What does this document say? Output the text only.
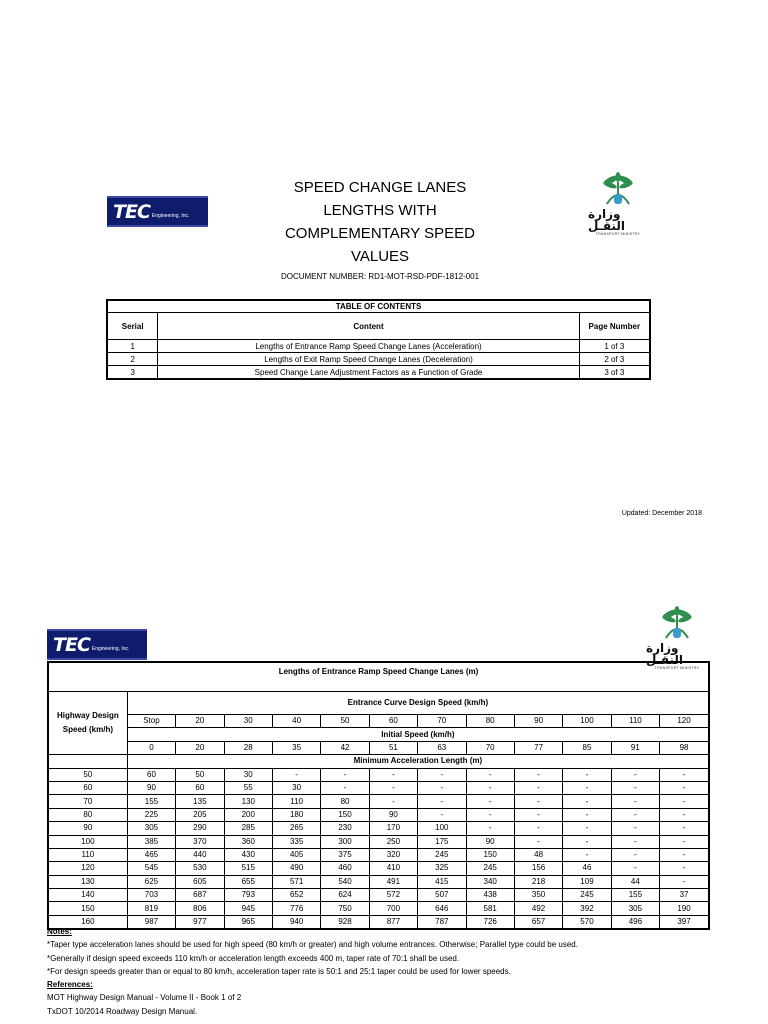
TEC Engineering, Inc.	وزارة النقـل
TRANSPORT MINISTRY
SPEED CHANGE LANES
LENGTHS WITH
COMPLEMENTARY SPEED
VALUES
DOCUMENT NUMBER: RD1-MOT-RSD-PDF-1812-001
TABLE OF CONTENTS		
Serial	Content	Page Number
1	Lengths of Entrance Ramp Speed Change Lanes (Acceleration)	1 of 3
2	Lengths of Exit Ramp Speed Change Lanes (Deceleration)	2 of 3
3	Speed Change Lane Adjustment Factors as a Function of Grade	3 of 3
Updated: December 2018
TEC Engineering, Inc.	وزارة النقـل
TRANSPORT MINISTRY
Lengths of Entrance Ramp Speed Change Lanes (m)												
Highway Design Speed (km/h)	Entrance Curve Design Speed (km/h)											
	Stop	20	30	40	50	60	70	80	90	100	110	120
	Initial Speed (km/h)											
	0	20	28	35	42	51	63	70	77	85	91	98
	Minimum Acceleration Length (m)											
50	60	50	30	-	-	-	-	-	-	-	-	-
60	90	60	55	30	-	-	-	-	-	-	-	-
70	155	135	130	110	80	-	-	-	-	-	-	-
80	225	205	200	180	150	90	-	-	-	-	-	-
90	305	290	285	265	230	170	100	-	-	-	-	-
100	385	370	360	335	300	250	175	90	-	-	-	-
110	465	440	430	405	375	320	245	150	48	-	-	-
120	545	530	515	490	460	410	325	245	156	46	-	-
130	625	605	655	571	540	491	415	340	218	109	44	-
140	703	687	793	652	624	572	507	438	350	245	155	37
150	819	806	945	776	750	700	646	581	492	392	305	190
160	987	977	965	940	928	877	787	726	657	570	496	397
Notes:
*Taper type acceleration lanes should be used for high speed (80 km/h or greater) and high volume entrances. Otherwise; Parallel type could be used.
*Generally if design speed exceeds 110 km/h or acceleration length exceeds 400 m, taper rate of 70:1 shall be used.
*For design speeds greater than or equal to 80 km/h, acceleration taper rate is 50:1 and 25:1 taper could be used for lower speeds.
References:
MOT Highway Design Manual - Volume II - Book 1 of 2
TxDOT 10/2014 Roadway Design Manual.
